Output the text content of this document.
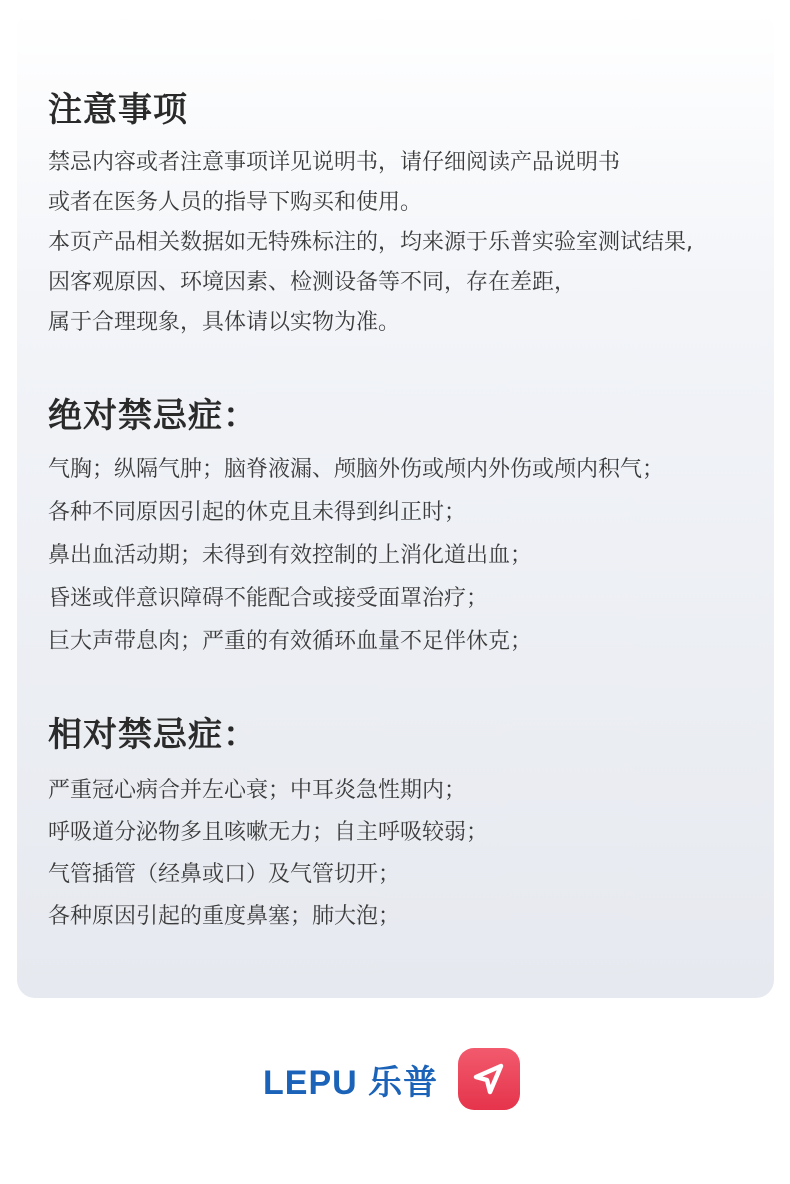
注意事项
禁忌内容或者注意事项详见说明书，请仔细阅读产品说明书
或者在医务人员的指导下购买和使用。
本页产品相关数据如无特殊标注的，均来源于乐普实验室测试结果,
因客观原因、环境因素、检测设备等不同，存在差距，
属于合理现象，具体请以实物为准。
绝对禁忌症：
气胸；纵隔气肿；脑脊液漏、颅脑外伤或颅内外伤或颅内积气；
各种不同原因引起的休克且未得到纠正时；
鼻出血活动期；未得到有效控制的上消化道出血；
昏迷或伴意识障碍不能配合或接受面罩治疗；
巨大声带息肉；严重的有效循环血量不足伴休克；
相对禁忌症：
严重冠心病合并左心衰；中耳炎急性期内；
呼吸道分泌物多且咳嗽无力；自主呼吸较弱；
气管插管（经鼻或口）及气管切开；
各种原因引起的重度鼻塞；肺大泡；
LEPU 乐普
